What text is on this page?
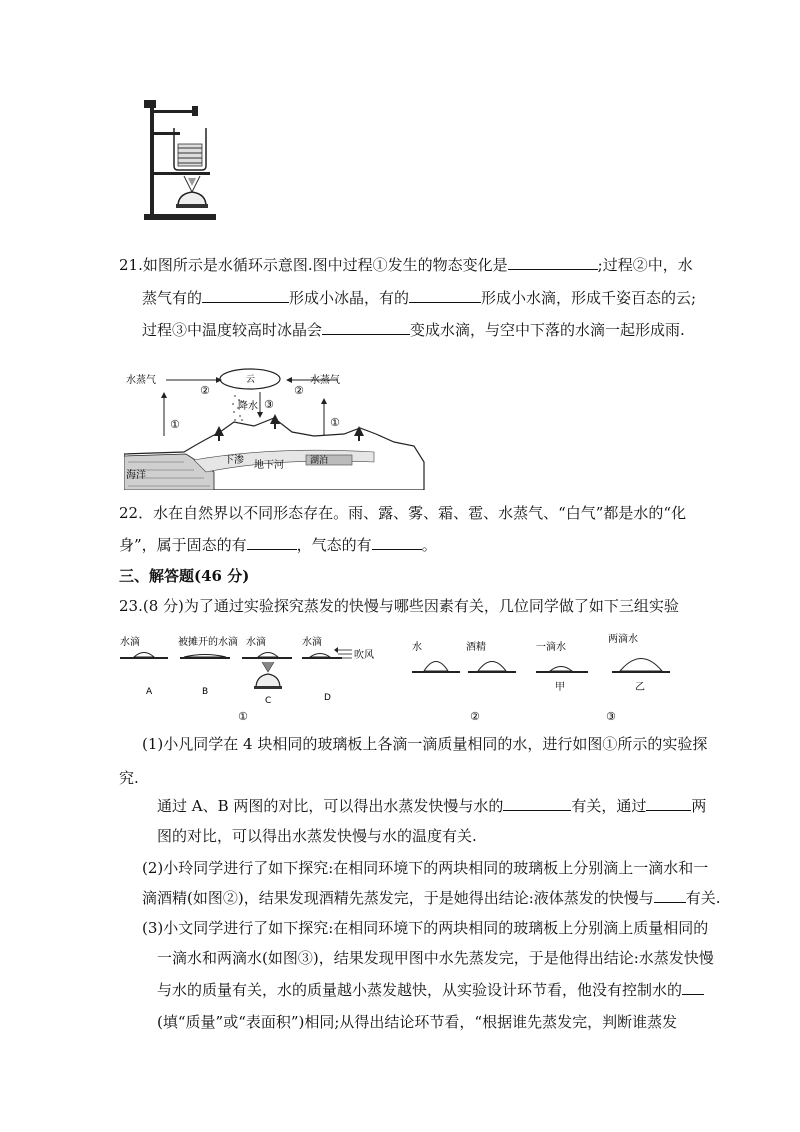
21.如图所示是水循环示意图.图中过程①发生的物态变化是	;过程②中，水
蒸气有的	形成小冰晶，有的	形成小水滴，形成千姿百态的云;
过程③中温度较高时冰晶会	变成水滴，与空中下落的水滴一起形成雨.
水蒸气
②
云
②
水蒸气
降水 ③
①	①
海洋
下渗 地下河	湖泊
22．水在自然界以不同形态存在。雨、露、雾、霜、雹、水蒸气、“白气”都是水的“化
身”，属于固态的有	，气态的有	。
三、解答题(46 分)
23.(8 分)为了通过实验探究蒸发的快慢与哪些因素有关，几位同学做了如下三组实验
水滴
A
被摊开的水滴
B
水滴
C
水滴
吹风
D
①
水	酒精
②
一滴水
两滴水
甲	乙
③
(1)小凡同学在 4 块相同的玻璃板上各滴一滴质量相同的水，进行如图①所示的实验探
究.
通过 A、B 两图的对比，可以得出水蒸发快慢与水的	有关，通过	两
图的对比，可以得出水蒸发快慢与水的温度有关.
(2)小玲同学进行了如下探究:在相同环境下的两块相同的玻璃板上分别滴上一滴水和一
滴酒精(如图②)，结果发现酒精先蒸发完，于是她得出结论:液体蒸发的快慢与 有关.
(3)小文同学进行了如下探究:在相同环境下的两块相同的玻璃板上分别滴上质量相同的
一滴水和两滴水(如图③)，结果发现甲图中水先蒸发完，于是他得出结论:水蒸发快慢
与水的质量有关，水的质量越小蒸发越快，从实验设计环节看，他没有控制水的
(填“质量”或“表面积”)相同;从得出结论环节看，“根据谁先蒸发完，判断谁蒸发
